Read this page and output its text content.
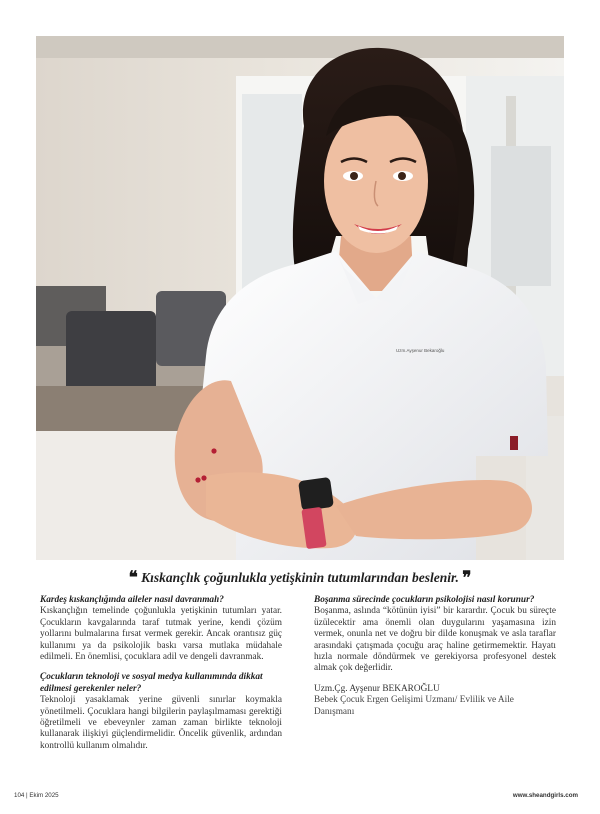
Uzm.Ayşenur Bekaroğlu
❝ Kıskançlık çoğunlukla yetişkinin tutumlarından beslenir. ❞

Kardeş kıskançlığında aileler nasıl davranmalı?

Kıskançlığın temelinde çoğunlukla yetişkinin tutumları yatar. Çocukların kavgalarında taraf tutmak yerine, kendi çözüm yollarını bulmalarına fırsat vermek gerekir. Ancak orantısız güç kullanımı ya da psikolojik baskı varsa mutlaka müdahale edilmeli. En önemlisi, çocuklara adil ve dengeli davranmak.

Çocukların teknoloji ve sosyal medya kullanımında dikkat edilmesi gerekenler neler?

Teknoloji yasaklamak yerine güvenli sınırlar koymakla yönetilmeli. Çocuklara hangi bilgilerin paylaşılmaması gerektiği öğretilmeli ve ebeveynler zaman zaman birlikte teknoloji kullanarak ilişkiyi güçlendirmelidir. Öncelik güvenlik, ardından kontrollü kullanım olmalıdır.

Boşanma sürecinde çocukların psikolojisi nasıl korunur?

Boşanma, aslında “kötünün iyisi” bir karardır. Çocuk bu süreçte üzülecektir ama önemli olan duygularını yaşamasına izin vermek, onunla net ve doğru bir dilde konuşmak ve asla taraflar arasındaki çatışmada çocuğu araç haline getirmemektir. Hayatı hızla normale döndürmek ve gerekiyorsa profesyonel destek almak çok değerlidir.

Uzm.Çg. Ayşenur BEKAROĞLU

Bebek Çocuk Ergen Gelişimi Uzmanı/ Evlilik ve Aile Danışmanı

104 | Ekim 2025	www.sheandgirls.com
